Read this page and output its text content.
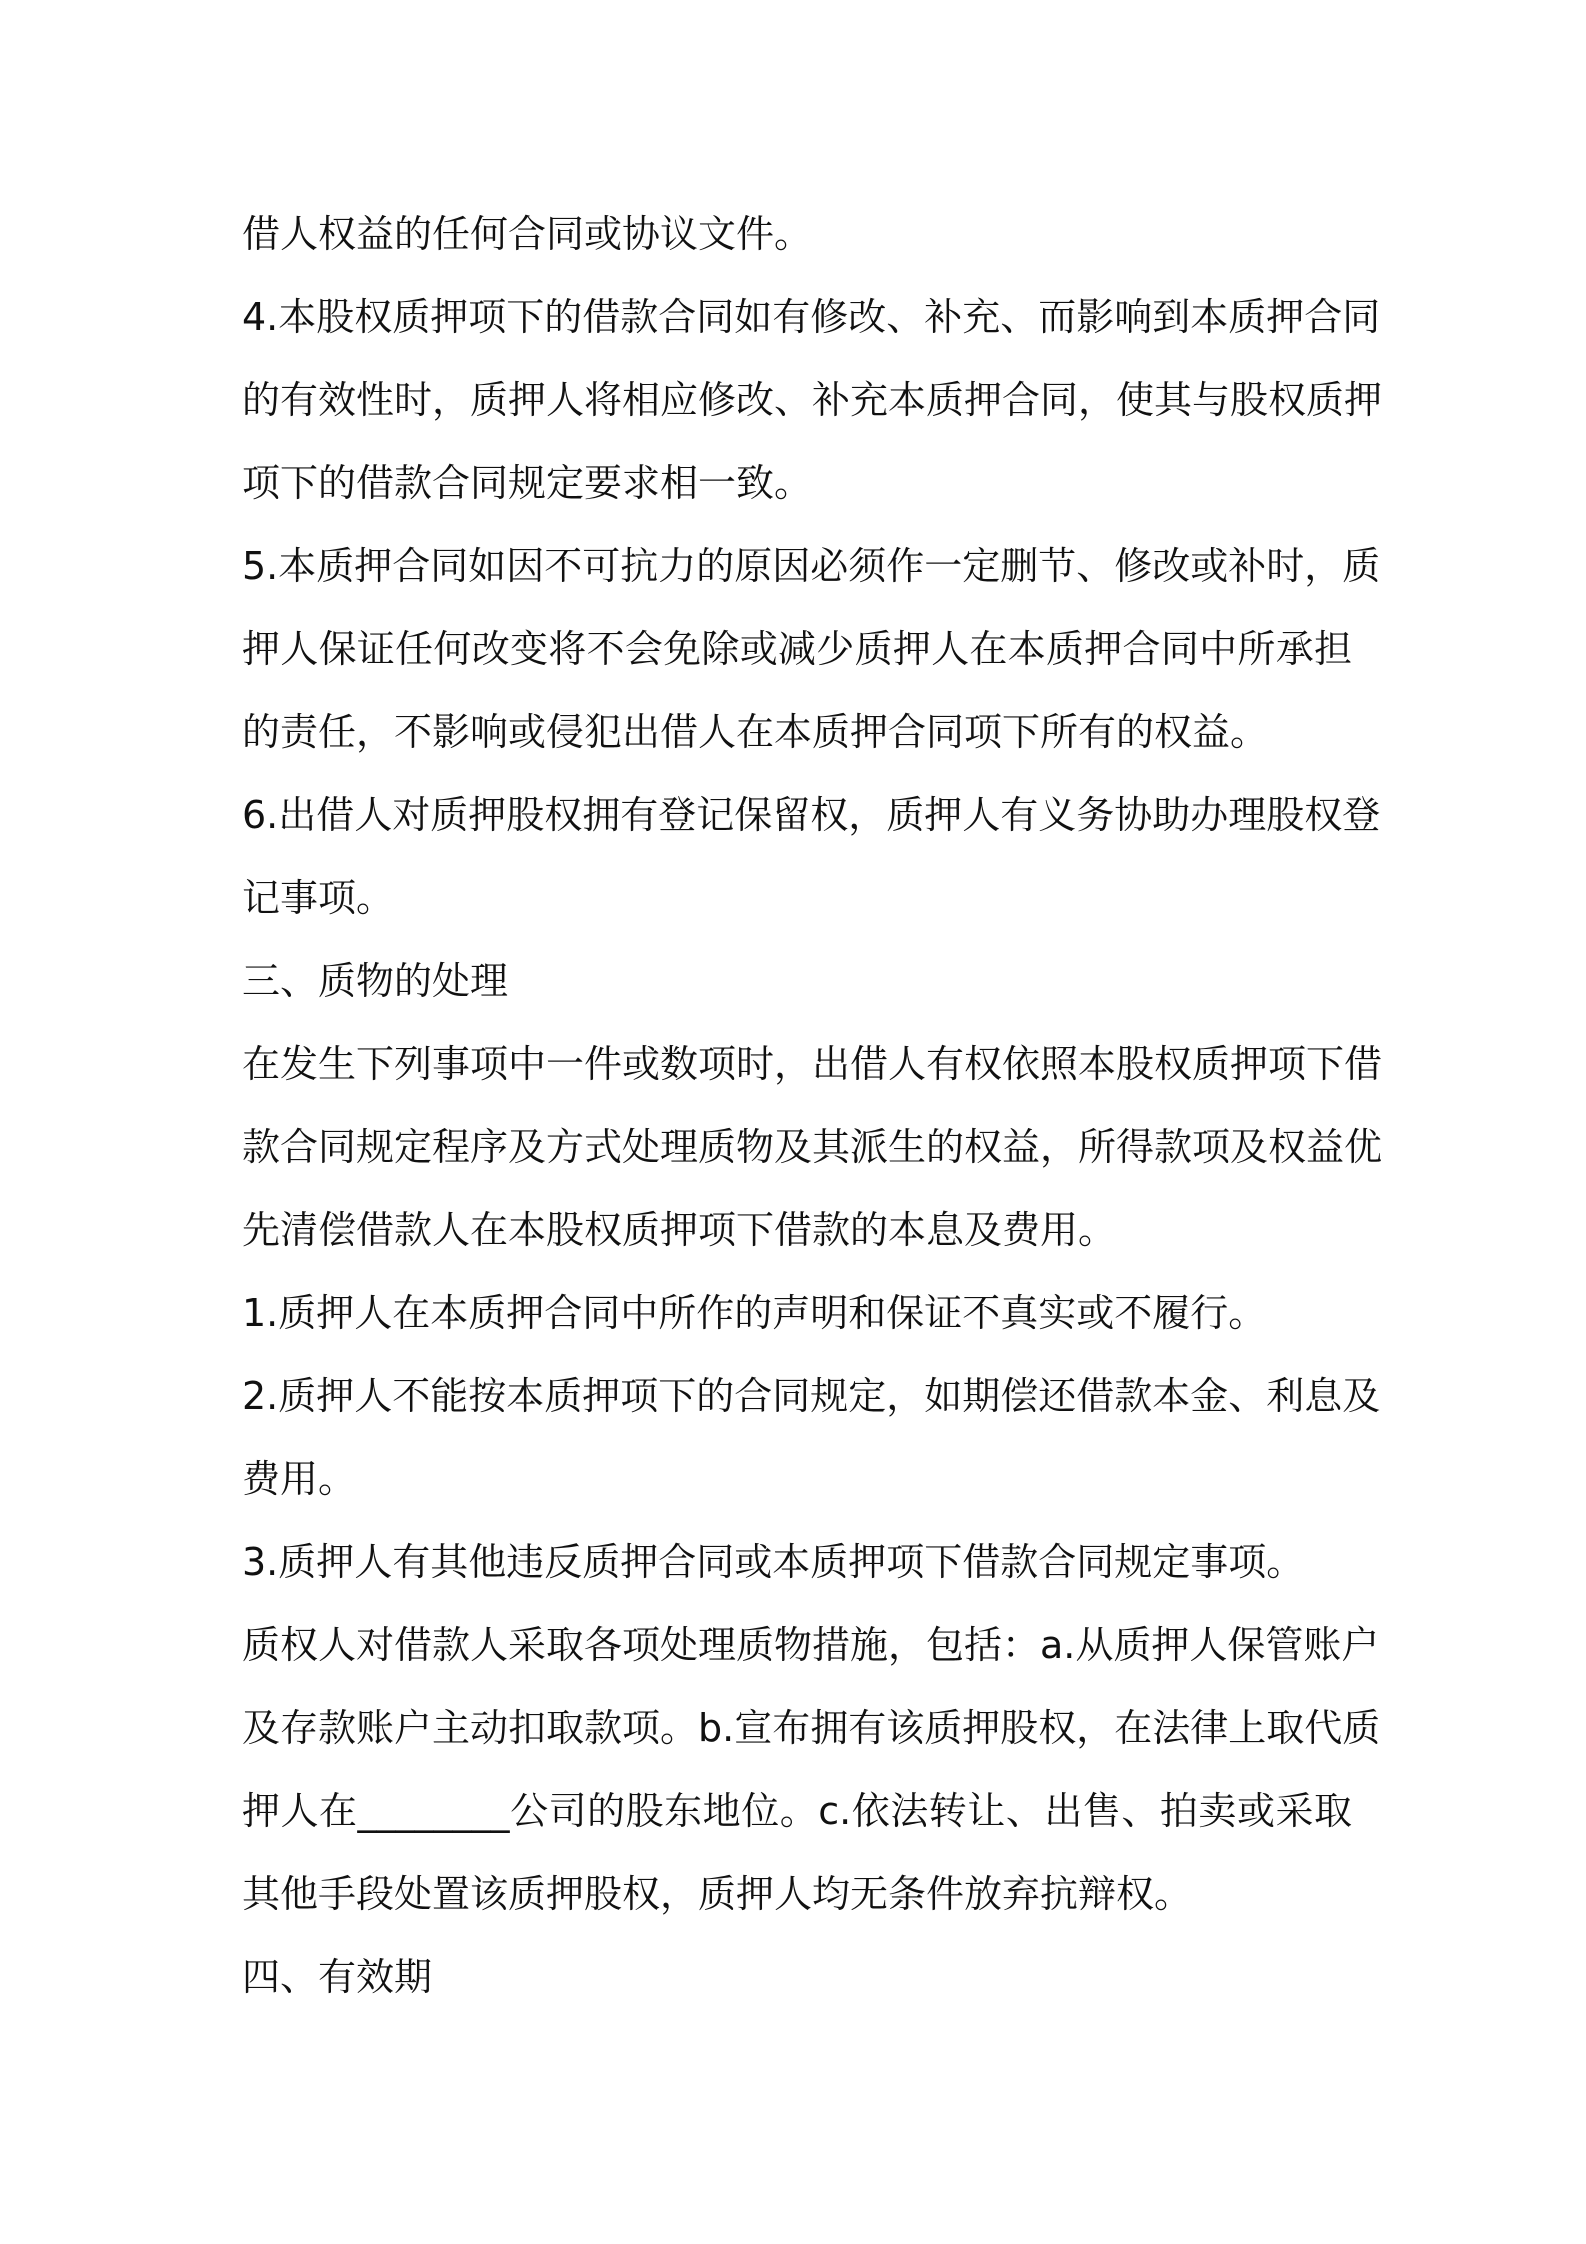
借人权益的任何合同或协议文件。
4.本股权质押项下的借款合同如有修改、补充、而影响到本质押合同
的有效性时，质押人将相应修改、补充本质押合同，使其与股权质押
项下的借款合同规定要求相一致。
5.本质押合同如因不可抗力的原因必须作一定删节、修改或补时，质
押人保证任何改变将不会免除或减少质押人在本质押合同中所承担
的责任，不影响或侵犯出借人在本质押合同项下所有的权益。
6.出借人对质押股权拥有登记保留权，质押人有义务协助办理股权登
记事项。
三、质物的处理
在发生下列事项中一件或数项时，出借人有权依照本股权质押项下借
款合同规定程序及方式处理质物及其派生的权益，所得款项及权益优
先清偿借款人在本股权质押项下借款的本息及费用。
1.质押人在本质押合同中所作的声明和保证不真实或不履行。
2.质押人不能按本质押项下的合同规定，如期偿还借款本金、利息及
费用。
3.质押人有其他违反质押合同或本质押项下借款合同规定事项。
质权人对借款人采取各项处理质物措施，包括：a.从质押人保管账户
及存款账户主动扣取款项。b.宣布拥有该质押股权，在法律上取代质
押人在________公司的股东地位。c.依法转让、出售、拍卖或采取
其他手段处置该质押股权，质押人均无条件放弃抗辩权。
四、有效期
